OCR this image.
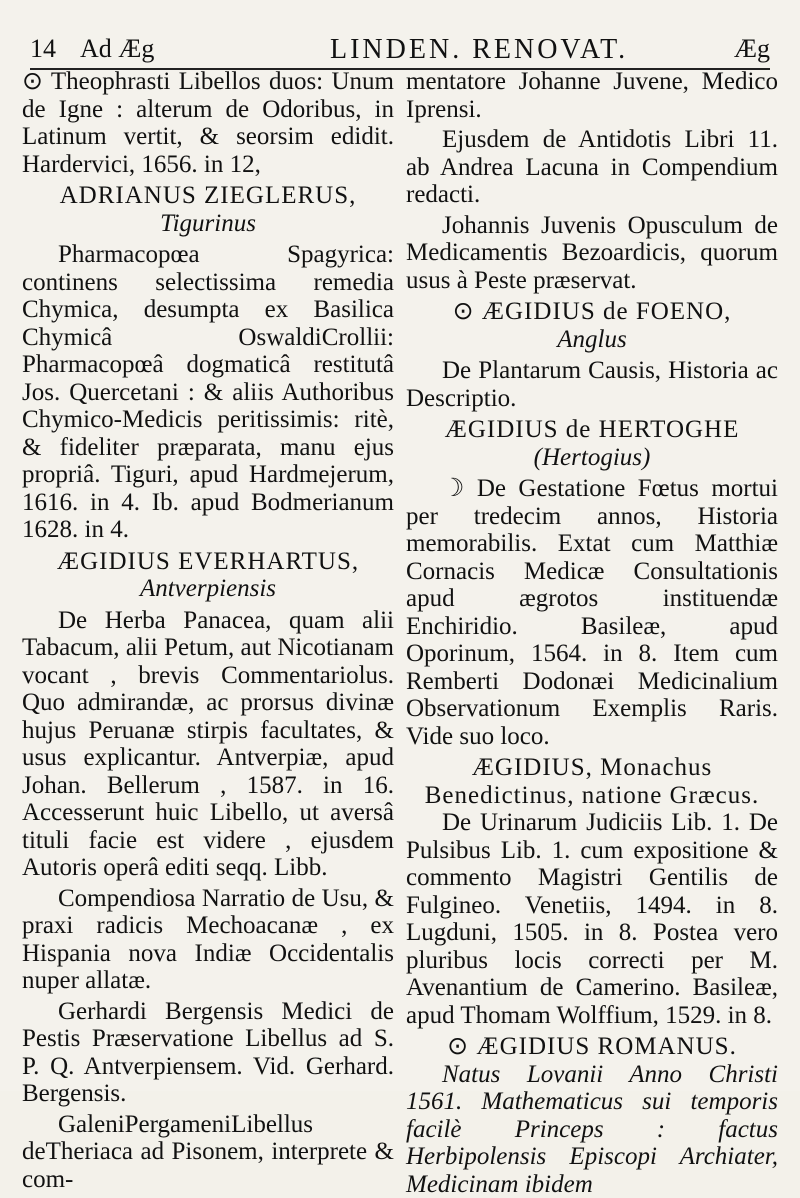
14 Ad Æg	LINDEN. RENOVAT.	Æg

⊙ Theophrasti Libellos duos: Unum de Igne : alterum de Odoribus, in Latinum vertit, & seorsim edidit. Hardervici, 1656. in 12,

ADRIANUS ZIEGLERUS,

Tigurinus

Pharmacopœa Spagyrica: continens selectissima remedia Chymica, desumpta ex Basilica Chymicâ OswaldiCrollii: Pharmacopœâ dogmaticâ restitutâ Jos. Quercetani : & aliis Authoribus Chymico-Medicis peritissimis: ritè, & fideliter præparata, manu ejus propriâ. Tiguri, apud Hardmejerum, 1616. in 4. Ib. apud Bodmerianum 1628. in 4.

ÆGIDIUS EVERHARTUS,

Antverpiensis

De Herba Panacea, quam alii Tabacum, alii Petum, aut Nicotianam vocant , brevis Commentariolus. Quo admirandæ, ac prorsus divinæ hujus Peruanæ stirpis facultates, & usus explicantur. Antverpiæ, apud Johan. Bellerum , 1587. in 16. Accesserunt huic Libello, ut aversâ tituli facie est videre , ejusdem Autoris operâ editi seqq. Libb.

Compendiosa Narratio de Usu, & praxi radicis Mechoacanæ , ex Hispania nova Indiæ Occidentalis nuper allatæ.

Gerhardi Bergensis Medici de Pestis Præservatione Libellus ad S. P. Q. Antverpiensem. Vid. Gerhard. Bergensis.

GaleniPergameniLibellus deTheriaca ad Pisonem, interprete & com-

mentatore Johanne Juvene, Medico Iprensi.

Ejusdem de Antidotis Libri 11. ab Andrea Lacuna in Compendium redacti.

Johannis Juvenis Opusculum de Medicamentis Bezoardicis, quorum usus à Peste præservat.

⊙ ÆGIDIUS de FOENO,

Anglus

De Plantarum Causis, Historia ac Descriptio.

ÆGIDIUS de HERTOGHE

(Hertogius)

☽ De Gestatione Fœtus mortui per tredecim annos, Historia memorabilis. Extat cum Matthiæ Cornacis Medicæ Consultationis apud ægrotos instituendæ Enchiridio. Basileæ, apud Oporinum, 1564. in 8. Item cum Remberti Dodonæi Medicinalium Observationum Exemplis Raris. Vide suo loco.

ÆGIDIUS, Monachus Benedictinus, natione Græcus.

De Urinarum Judiciis Lib. 1. De Pulsibus Lib. 1. cum expositione & commento Magistri Gentilis de Fulgineo. Venetiis, 1494. in 8. Lugduni, 1505. in 8. Postea vero pluribus locis correcti per M. Avenantium de Camerino. Basileæ, apud Thomam Wolffium, 1529. in 8.

⊙ ÆGIDIUS ROMANUS.

Natus Lovanii Anno Christi 1561. Mathematicus sui temporis facilè Princeps : factus Herbipolensis Episcopi Archiater, Medicinam ibidem
